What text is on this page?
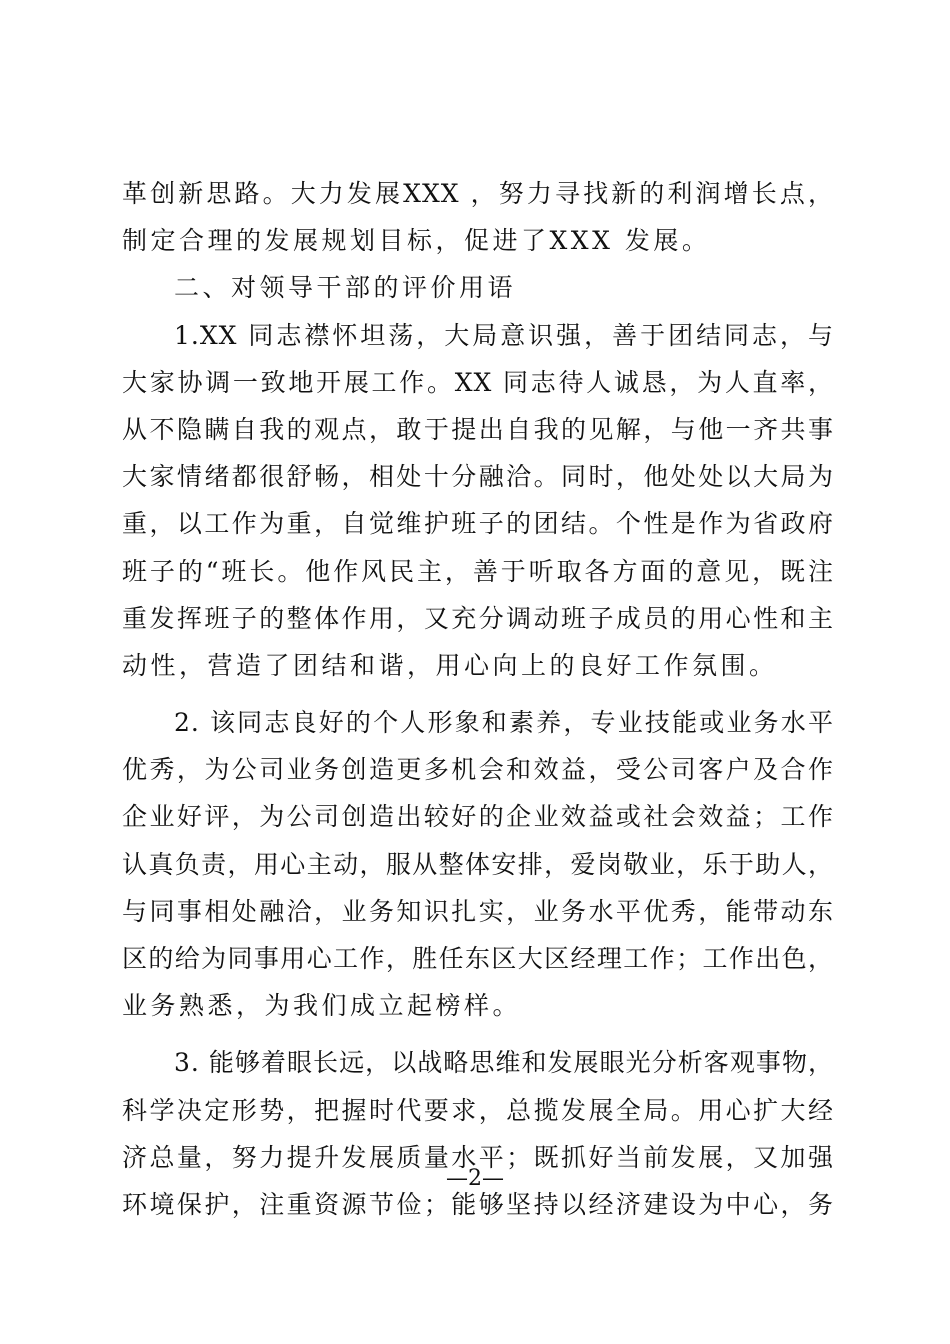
革创新思路。大力发展XXX ，努力寻找新的利润增长点，
制定合理的发展规划目标，促进了XXX 发展。
二、对领导干部的评价用语
1.XX 同志襟怀坦荡，大局意识强，善于团结同志，与
大家协调一致地开展工作。XX 同志待人诚恳，为人直率，
从不隐瞒自我的观点，敢于提出自我的见解，与他一齐共事
大家情绪都很舒畅，相处十分融洽。同时，他处处以大局为
重，以工作为重，自觉维护班子的团结。个性是作为省政府
班子的“班长。他作风民主，善于听取各方面的意见，既注
重发挥班子的整体作用，又充分调动班子成员的用心性和主
动性，营造了团结和谐，用心向上的良好工作氛围。
2. 该同志良好的个人形象和素养，专业技能或业务水平
优秀，为公司业务创造更多机会和效益，受公司客户及合作
企业好评，为公司创造出较好的企业效益或社会效益；工作
认真负责，用心主动，服从整体安排，爱岗敬业，乐于助人，
与同事相处融洽，业务知识扎实，业务水平优秀，能带动东
区的给为同事用心工作，胜任东区大区经理工作；工作出色，
业务熟悉，为我们成立起榜样。
3. 能够着眼长远，以战略思维和发展眼光分析客观事物，
科学决定形势，把握时代要求，总揽发展全局。用心扩大经
济总量，努力提升发展质量水平；既抓好当前发展，又加强
环境保护，注重资源节俭；能够坚持以经济建设为中心，务
—2—
